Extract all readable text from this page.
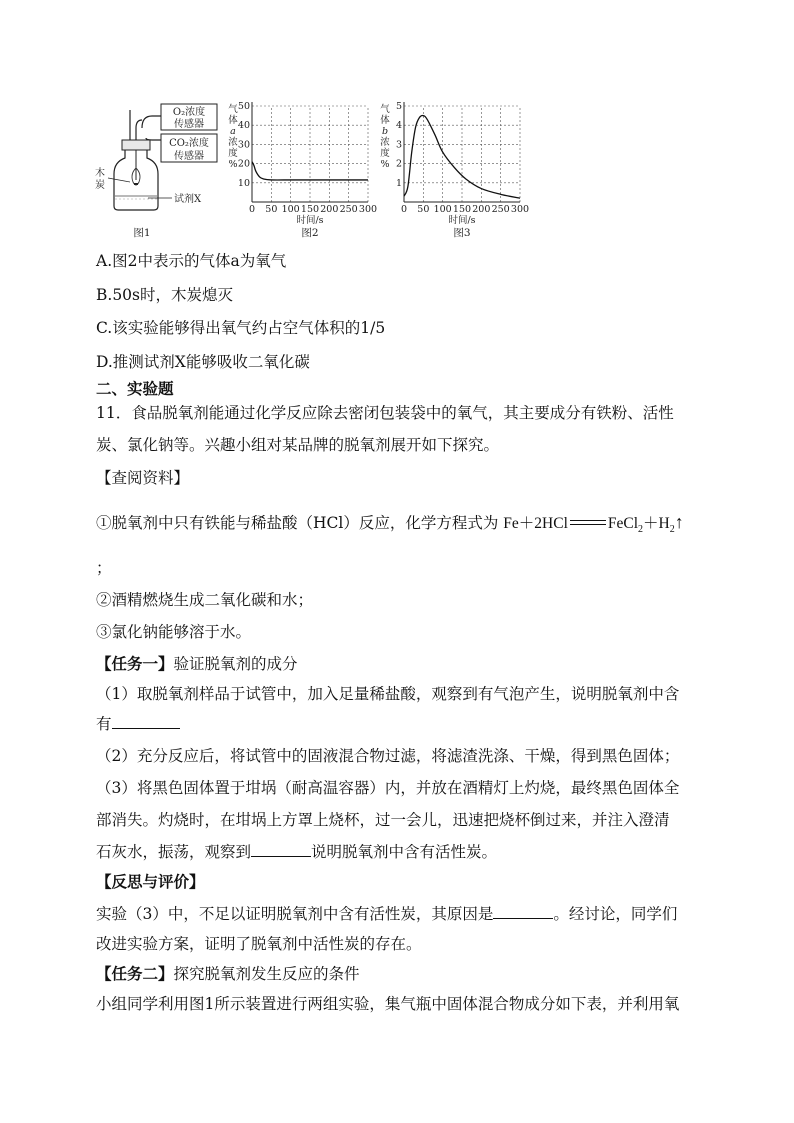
O₂浓度
传感器
CO₂浓度
传感器
木
炭
试剂X
图1
0 50 100 150 200 250 300
10
20
30
40
50
气
体
a
浓
度
%
时间/s
图2
0 50 100 150 200 250 300
1
2
3
4
5
气
体
b
浓
度
%
时间/s
图3
A.图2中表示的气体a为氧气
B.50s时，木炭熄灭
C.该实验能够得出氧气约占空气体积的1/5
D.推测试剂X能够吸收二氧化碳
二、实验题
11．食品脱氧剂能通过化学反应除去密闭包装袋中的氧气，其主要成分有铁粉、活性
炭、氯化钠等。兴趣小组对某品牌的脱氧剂展开如下探究。
【查阅资料】
①脱氧剂中只有铁能与稀盐酸（HCl）反应，化学方程式为 Fe＋2HCl	$FeCl_2+H_2↑$
；
②酒精燃烧生成二氧化碳和水；
③氯化钠能够溶于水。
【任务一】验证脱氧剂的成分
（1）取脱氧剂样品于试管中，加入足量稀盐酸，观察到有气泡产生，说明脱氧剂中含
有
（2）充分反应后，将试管中的固液混合物过滤，将滤渣洗涤、干燥，得到黑色固体；
（3）将黑色固体置于坩埚（耐高温容器）内，并放在酒精灯上灼烧，最终黑色固体全
部消失。灼烧时，在坩埚上方罩上烧杯，过一会儿，迅速把烧杯倒过来，并注入澄清
石灰水，振荡，观察到	说明脱氧剂中含有活性炭。
【反思与评价】
实验（3）中，不足以证明脱氧剂中含有活性炭，其原因是	。经讨论，同学们
改进实验方案，证明了脱氧剂中活性炭的存在。
【任务二】探究脱氧剂发生反应的条件
小组同学利用图1所示装置进行两组实验，集气瓶中固体混合物成分如下表，并利用氧
